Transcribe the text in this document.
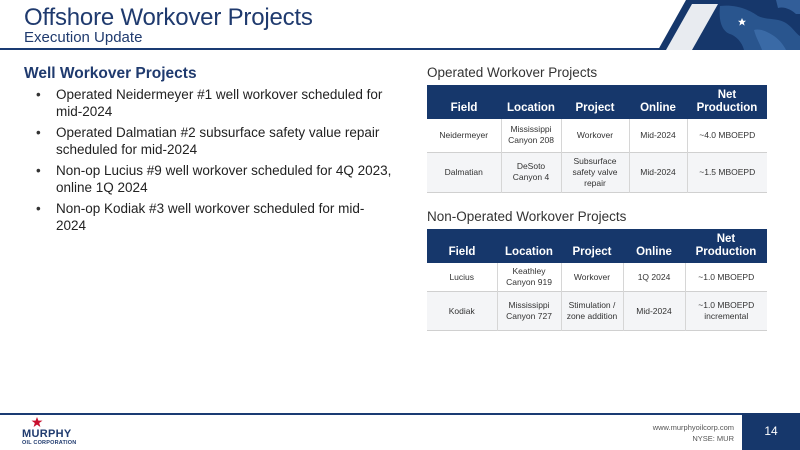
Offshore Workover Projects
Execution Update
Well Workover Projects
• Operated Neidermeyer #1 well workover scheduled for mid-2024
• Operated Dalmatian #2 subsurface safety value repair scheduled for mid-2024
• Non-op Lucius #9 well workover scheduled for 4Q 2023, online 1Q 2024
• Non-op Kodiak #3 well workover scheduled for mid-2024
Operated Workover Projects
Field	Location	Project	Online	Net Production
Neidermeyer	Mississippi Canyon 208	Workover	Mid-2024	~4.0 MBOEPD
Dalmatian	DeSoto Canyon 4	Subsurface safety valve repair	Mid-2024	~1.5 MBOEPD
Non-Operated Workover Projects
Field	Location	Project	Online	Net Production
Lucius	Keathley Canyon 919	Workover	1Q 2024	~1.0 MBOEPD
Kodiak	Mississippi Canyon 727	Stimulation / zone addition	Mid-2024	~1.0 MBOEPD incremental
MURPHY
OIL CORPORATION
www.murphyoilcorp.com
NYSE: MUR
14
